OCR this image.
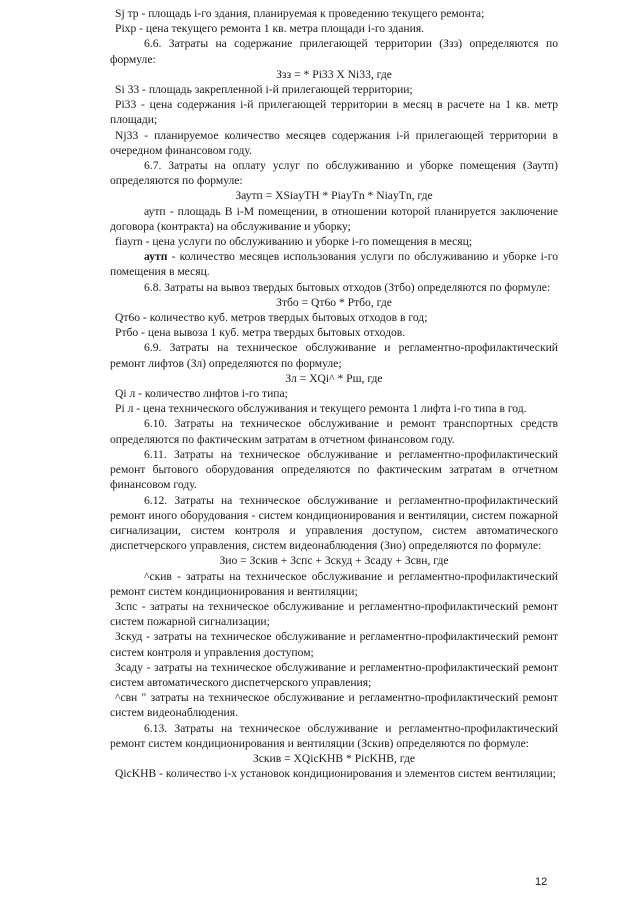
Sj тр - площадь i-го здания, планируемая к проведению текущего ремонта;

Рiхр - цена текущего ремонта 1 кв. метра площади i-го здания.

6.6. Затраты на содержание прилегающей территории (Ззз) определяются по формуле:

Ззз = * Рi33 X Ni33, где

Si 33 - площадь закрепленной i-й прилегающей территории;

Рi33 - цена содержания i-й прилегающей территории в месяц в расчете на 1 кв. метр площади;

Nj33 - планируемое количество месяцев содержания i-й прилегающей территории в очередном финансовом году.

6.7. Затраты на оплату услуг по обслуживанию и уборке помещения (Заутп) определяются по формуле:

Заутп = XSiayTH * PiayTn * NiayTn, где

аутп - площадь В i-М помещении, в отношении которой планируется заключение договора (контракта) на обслуживание и уборку;

fiayrn - цена услуги по обслуживанию и уборке i-го помещения в месяц;

аутп - количество месяцев использования услуги по обслуживанию и уборке i-го помещения в месяц.

6.8. Затраты на вывоз твердых бытовых отходов (Зтбо) определяются по формуле:

Зтбо = Qт6о * Ртбо, где

Qт6о - количество куб. метров твердых бытовых отходов в год;

Ртбо - цена вывоза 1 куб. метра твердых бытовых отходов.

6.9. Затраты на техническое обслуживание и регламентно-профилактический ремонт лифтов (Зл) определяются по формуле;

Зл = XQi^ * Рш, где

Qi л - количество лифтов i-го типа;

Рi л - цена технического обслуживания и текущего ремонта 1 лифта i-го типа в год.

6.10. Затраты на техническое обслуживание и ремонт транспортных средств определяются по фактическим затратам в отчетном финансовом году.

6.11. Затраты на техническое обслуживание и регламентно-профилактический ремонт бытового оборудования определяются по фактическим затратам в отчетном финансовом году.

6.12. Затраты на техническое обслуживание и регламентно-профилактический ремонт иного оборудования - систем кондиционирования и вентиляции, систем пожарной сигнализации, систем контроля и управления доступом, систем автоматического диспетчерского управления, систем видеонаблюдения (Зио) определяются по формуле:

Зио = Зскив + Зспс + Зскуд + Зсаду + Зсвн, где

^скив - затраты на техническое обслуживание и регламентно-профилактический ремонт систем кондиционирования и вентиляции;

Зспс - затраты на техническое обслуживание и регламентно-профилактический ремонт систем пожарной сигнализации;

Зскуд - затраты на техническое обслуживание и регламентно-профилактический ремонт систем контроля и управления доступом;

Зсаду - затраты на техническое обслуживание и регламентно-профилактический ремонт систем автоматического диспетчерского управления;

^свн " затраты на техническое обслуживание и регламентно-профилактический ремонт систем видеонаблюдения.

6.13. Затраты на техническое обслуживание и регламентно-профилактический ремонт систем кондиционирования и вентиляции (Зскив) определяются по формуле:

Зскив = XQicKHB * PicKHB, где

QicKHB - количество i-х установок кондиционирования и элементов систем вентиляции;

12
